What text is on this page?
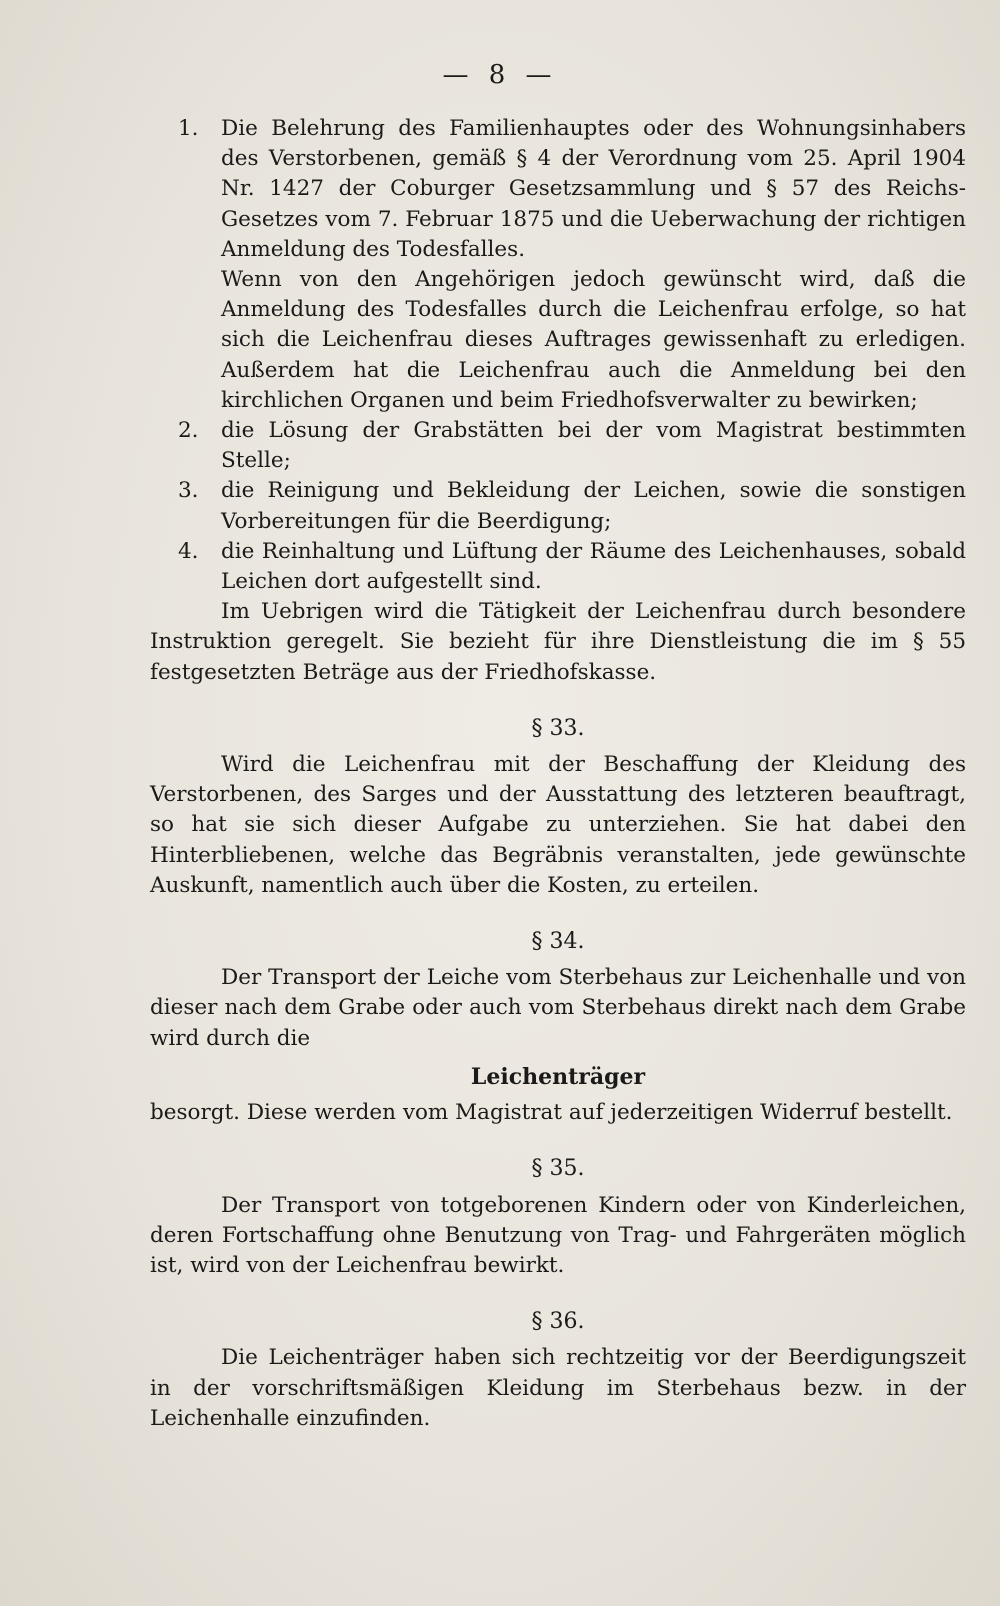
— 8 —

1. Die Belehrung des Familienhauptes oder des Wohnungsinhabers des Verstorbenen, gemäß § 4 der Verordnung vom 25. April 1904 Nr. 1427 der Coburger Gesetzsammlung und § 57 des Reichs-Gesetzes vom 7. Februar 1875 und die Ueberwachung der richtigen Anmeldung des Todesfalles.

Wenn von den Angehörigen jedoch gewünscht wird, daß die Anmeldung des Todesfalles durch die Leichenfrau erfolge, so hat sich die Leichenfrau dieses Auftrages gewissenhaft zu erledigen. Außerdem hat die Leichenfrau auch die Anmeldung bei den kirchlichen Organen und beim Friedhofsverwalter zu bewirken;

2. die Lösung der Grabstätten bei der vom Magistrat bestimmten Stelle;

3. die Reinigung und Bekleidung der Leichen, sowie die sonstigen Vorbereitungen für die Beerdigung;

4. die Reinhaltung und Lüftung der Räume des Leichenhauses, sobald Leichen dort aufgestellt sind.

Im Uebrigen wird die Tätigkeit der Leichenfrau durch besondere Instruktion geregelt. Sie bezieht für ihre Dienstleistung die im § 55 festgesetzten Beträge aus der Friedhofskasse.

§ 33.

Wird die Leichenfrau mit der Beschaffung der Kleidung des Verstorbenen, des Sarges und der Ausstattung des letzteren beauftragt, so hat sie sich dieser Aufgabe zu unterziehen. Sie hat dabei den Hinterbliebenen, welche das Begräbnis veranstalten, jede gewünschte Auskunft, namentlich auch über die Kosten, zu erteilen.

§ 34.

Der Transport der Leiche vom Sterbehaus zur Leichenhalle und von dieser nach dem Grabe oder auch vom Sterbehaus direkt nach dem Grabe wird durch die

Leichenträger

besorgt. Diese werden vom Magistrat auf jederzeitigen Widerruf bestellt.

§ 35.

Der Transport von totgeborenen Kindern oder von Kinderleichen, deren Fortschaffung ohne Benutzung von Trag- und Fahrgeräten möglich ist, wird von der Leichenfrau bewirkt.

§ 36.

Die Leichenträger haben sich rechtzeitig vor der Beerdigungszeit in der vorschriftsmäßigen Kleidung im Sterbehaus bezw. in der Leichenhalle einzufinden.
